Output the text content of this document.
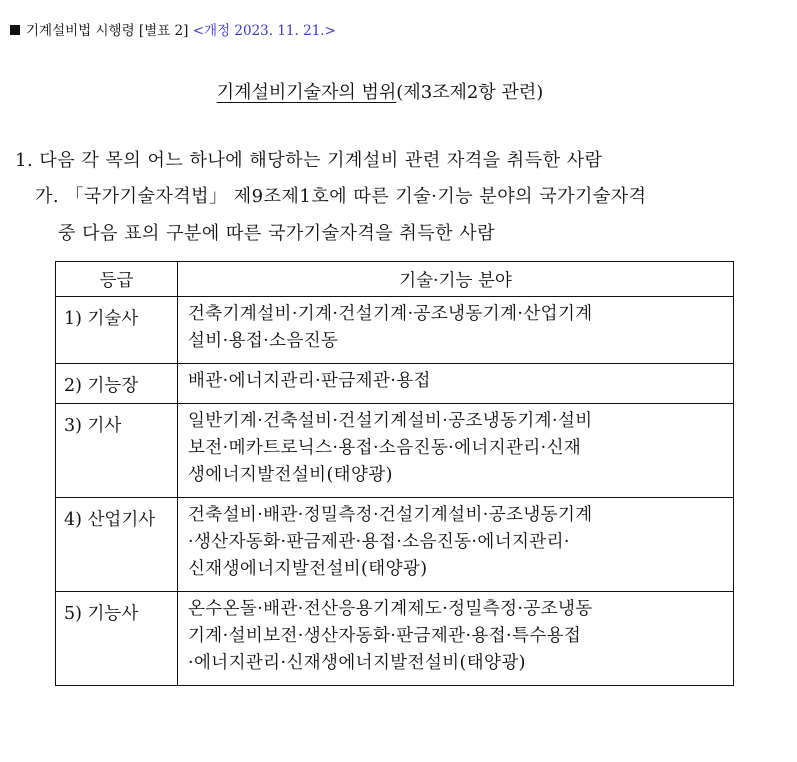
기계설비법 시행령 [별표 2] <개정 2023. 11. 21.>
기계설비기술자의 범위(제3조제2항 관련)
1. 다음 각 목의 어느 하나에 해당하는 기계설비 관련 자격을 취득한 사람
가. 「국가기술자격법」 제9조제1호에 따른 기술·기능 분야의 국가기술자격
중 다음 표의 구분에 따른 국가기술자격을 취득한 사람
등급	기술·기능 분야
1) 기술사	건축기계설비·기계·건설기계·공조냉동기계·산업기계
설비·용접·소음진동

2) 기능장	배관·에너지관리·판금제관·용접

3) 기사	일반기계·건축설비·건설기계설비·공조냉동기계·설비
보전·메카트로닉스·용접·소음진동·에너지관리·신재
생에너지발전설비(태양광)

4) 산업기사	건축설비·배관·정밀측정·건설기계설비·공조냉동기계
·생산자동화·판금제관·용접·소음진동·에너지관리·
신재생에너지발전설비(태양광)

5) 기능사	온수온돌·배관·전산응용기계제도·정밀측정·공조냉동
기계·설비보전·생산자동화·판금제관·용접·특수용접
·에너지관리·신재생에너지발전설비(태양광)
